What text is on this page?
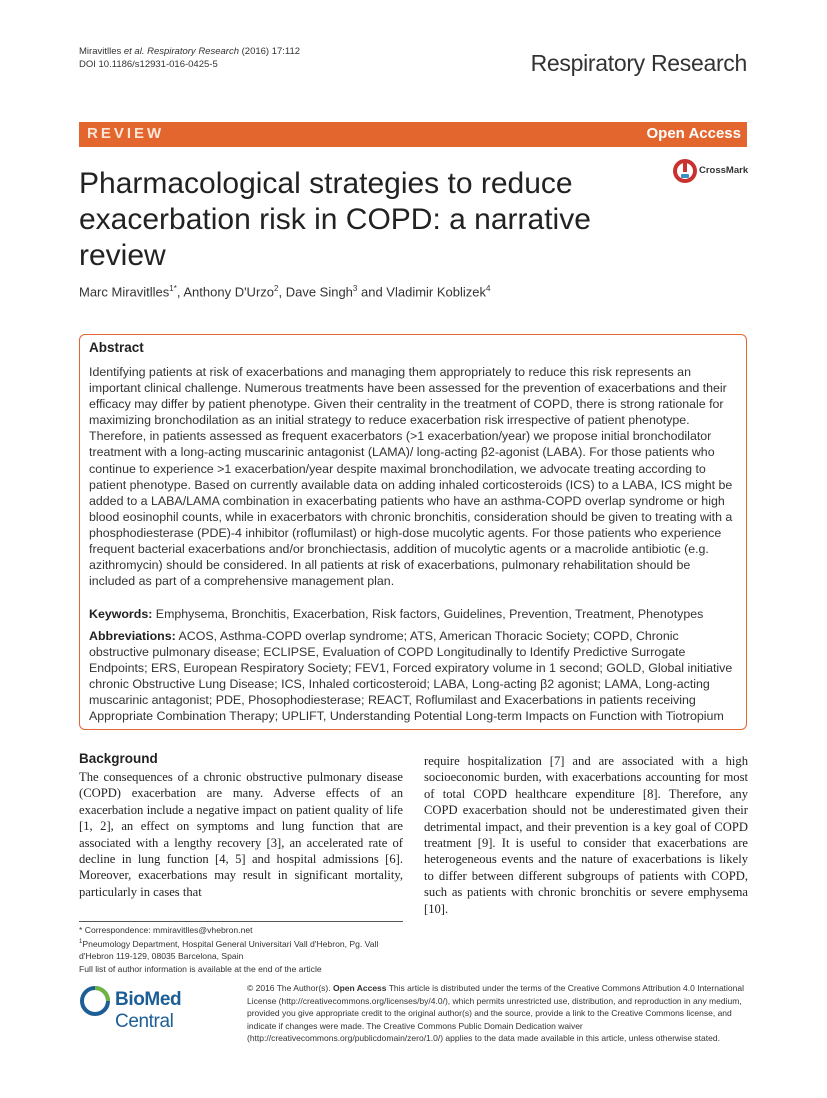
Miravitlles et al. Respiratory Research (2016) 17:112
DOI 10.1186/s12931-016-0425-5	Respiratory Research
REVIEW	Open Access
CrossMark
Pharmacological strategies to reduce exacerbation risk in COPD: a narrative review
Marc Miravitlles$^{1*}$, Anthony D'Urzo$^2$, Dave Singh$^3$ and Vladimir Koblizek$^4$
Abstract
Identifying patients at risk of exacerbations and managing them appropriately to reduce this risk represents an important clinical challenge. Numerous treatments have been assessed for the prevention of exacerbations and their efficacy may differ by patient phenotype. Given their centrality in the treatment of COPD, there is strong rationale for maximizing bronchodilation as an initial strategy to reduce exacerbation risk irrespective of patient phenotype. Therefore, in patients assessed as frequent exacerbators (>1 exacerbation/year) we propose initial bronchodilator treatment with a long-acting muscarinic antagonist (LAMA)/ long-acting β2-agonist (LABA). For those patients who continue to experience >1 exacerbation/year despite maximal bronchodilation, we advocate treating according to patient phenotype. Based on currently available data on adding inhaled corticosteroids (ICS) to a LABA, ICS might be added to a LABA/LAMA combination in exacerbating patients who have an asthma-COPD overlap syndrome or high blood eosinophil counts, while in exacerbators with chronic bronchitis, consideration should be given to treating with a phosphodiesterase (PDE)-4 inhibitor (roflumilast) or high-dose mucolytic agents. For those patients who experience frequent bacterial exacerbations and/or bronchiectasis, addition of mucolytic agents or a macrolide antibiotic (e.g. azithromycin) should be considered. In all patients at risk of exacerbations, pulmonary rehabilitation should be included as part of a comprehensive management plan.
Keywords: Emphysema, Bronchitis, Exacerbation, Risk factors, Guidelines, Prevention, Treatment, Phenotypes
Abbreviations: ACOS, Asthma-COPD overlap syndrome; ATS, American Thoracic Society; COPD, Chronic obstructive pulmonary disease; ECLIPSE, Evaluation of COPD Longitudinally to Identify Predictive Surrogate Endpoints; ERS, European Respiratory Society; FEV1, Forced expiratory volume in 1 second; GOLD, Global initiative chronic Obstructive Lung Disease; ICS, Inhaled corticosteroid; LABA, Long-acting β2 agonist; LAMA, Long-acting muscarinic antagonist; PDE, Phosophodiesterase; REACT, Roflumilast and Exacerbations in patients receiving Appropriate Combination Therapy; UPLIFT, Understanding Potential Long-term Impacts on Function with Tiotropium
Background
The consequences of a chronic obstructive pulmonary disease (COPD) exacerbation are many. Adverse effects of an exacerbation include a negative impact on patient quality of life [1, 2], an effect on symptoms and lung function that are associated with a lengthy recovery [3], an accelerated rate of decline in lung function [4, 5] and hospital admissions [6]. Moreover, exacerbations may result in significant mortality, particularly in cases that
require hospitalization [7] and are associated with a high socioeconomic burden, with exacerbations accounting for most of total COPD healthcare expenditure [8]. Therefore, any COPD exacerbation should not be underestimated given their detrimental impact, and their prevention is a key goal of COPD treatment [9]. It is useful to consider that exacerbations are heterogeneous events and the nature of exacerbations is likely to differ between different subgroups of patients with COPD, such as patients with chronic bronchitis or severe emphysema [10].
* Correspondence: mmiravitlles@vhebron.net
$^1$Pneumology Department, Hospital General Universitari Vall d'Hebron, Pg. Vall d'Hebron 119-129, 08035 Barcelona, Spain
Full list of author information is available at the end of the article
BioMed Central
© 2016 The Author(s). Open Access This article is distributed under the terms of the Creative Commons Attribution 4.0 International License (http://creativecommons.org/licenses/by/4.0/), which permits unrestricted use, distribution, and reproduction in any medium, provided you give appropriate credit to the original author(s) and the source, provide a link to the Creative Commons license, and indicate if changes were made. The Creative Commons Public Domain Dedication waiver (http://creativecommons.org/publicdomain/zero/1.0/) applies to the data made available in this article, unless otherwise stated.
